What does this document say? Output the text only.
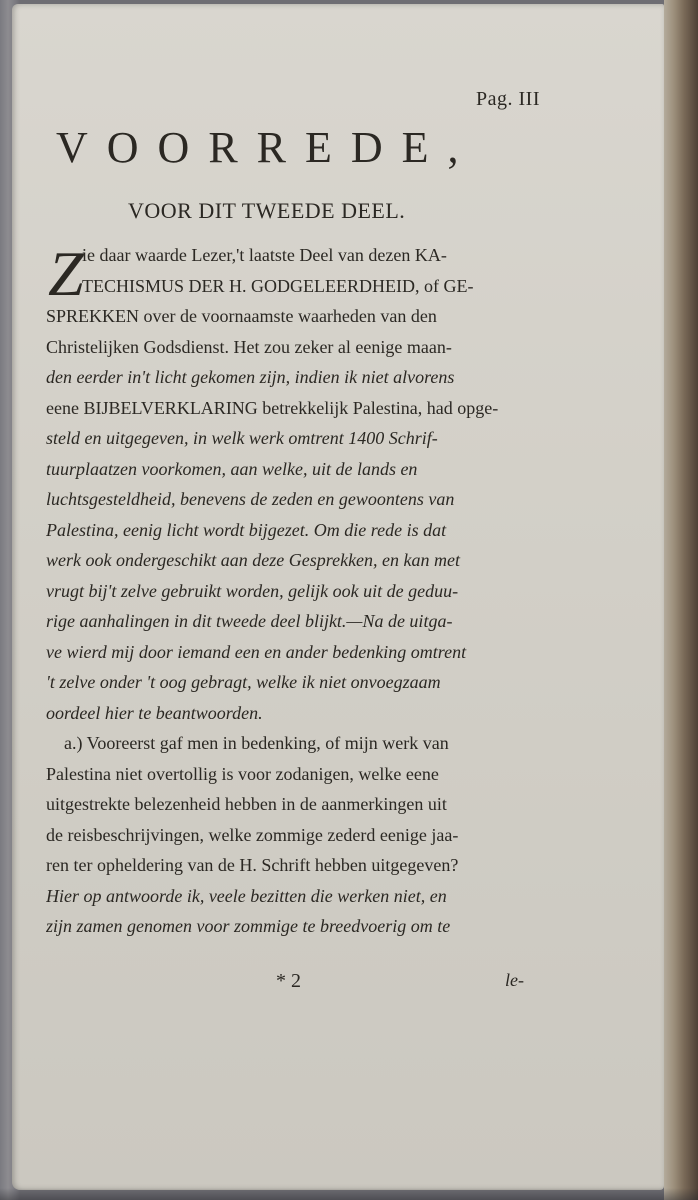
Pag. III
VOORREDE,
VOOR DIT TWEEDE DEEL.
Z
ie daar waarde Lezer,'t laatste Deel van dezen KA-
TECHISMUS DER H. GODGELEERDHEID, of GE-
SPREKKEN over de voornaamste waarheden van den
Christelijken Godsdienst. Het zou zeker al eenige maan-
den eerder in't licht gekomen zijn, indien ik niet alvorens
eene BIJBELVERKLARING betrekkelijk Palestina, had opge-
steld en uitgegeven, in welk werk omtrent 1400 Schrif-
tuurplaatzen voorkomen, aan welke, uit de lands en
luchtsgesteldheid, benevens de zeden en gewoontens van
Palestina, eenig licht wordt bijgezet. Om die rede is dat
werk ook ondergeschikt aan deze Gesprekken, en kan met
vrugt bij't zelve gebruikt worden, gelijk ook uit de geduu-
rige aanhalingen in dit tweede deel blijkt.—Na de uitga-
ve wierd mij door iemand een en ander bedenking omtrent
't zelve onder 't oog gebragt, welke ik niet onvoegzaam
oordeel hier te beantwoorden.
a.) Vooreerst gaf men in bedenking, of mijn werk van
Palestina niet overtollig is voor zodanigen, welke eene
uitgestrekte belezenheid hebben in de aanmerkingen uit
de reisbeschrijvingen, welke zommige zederd eenige jaa-
ren ter opheldering van de H. Schrift hebben uitgegeven?
Hier op antwoorde ik, veele bezitten die werken niet, en
zijn zamen genomen voor zommige te breedvoerig om te
* 2	le-
